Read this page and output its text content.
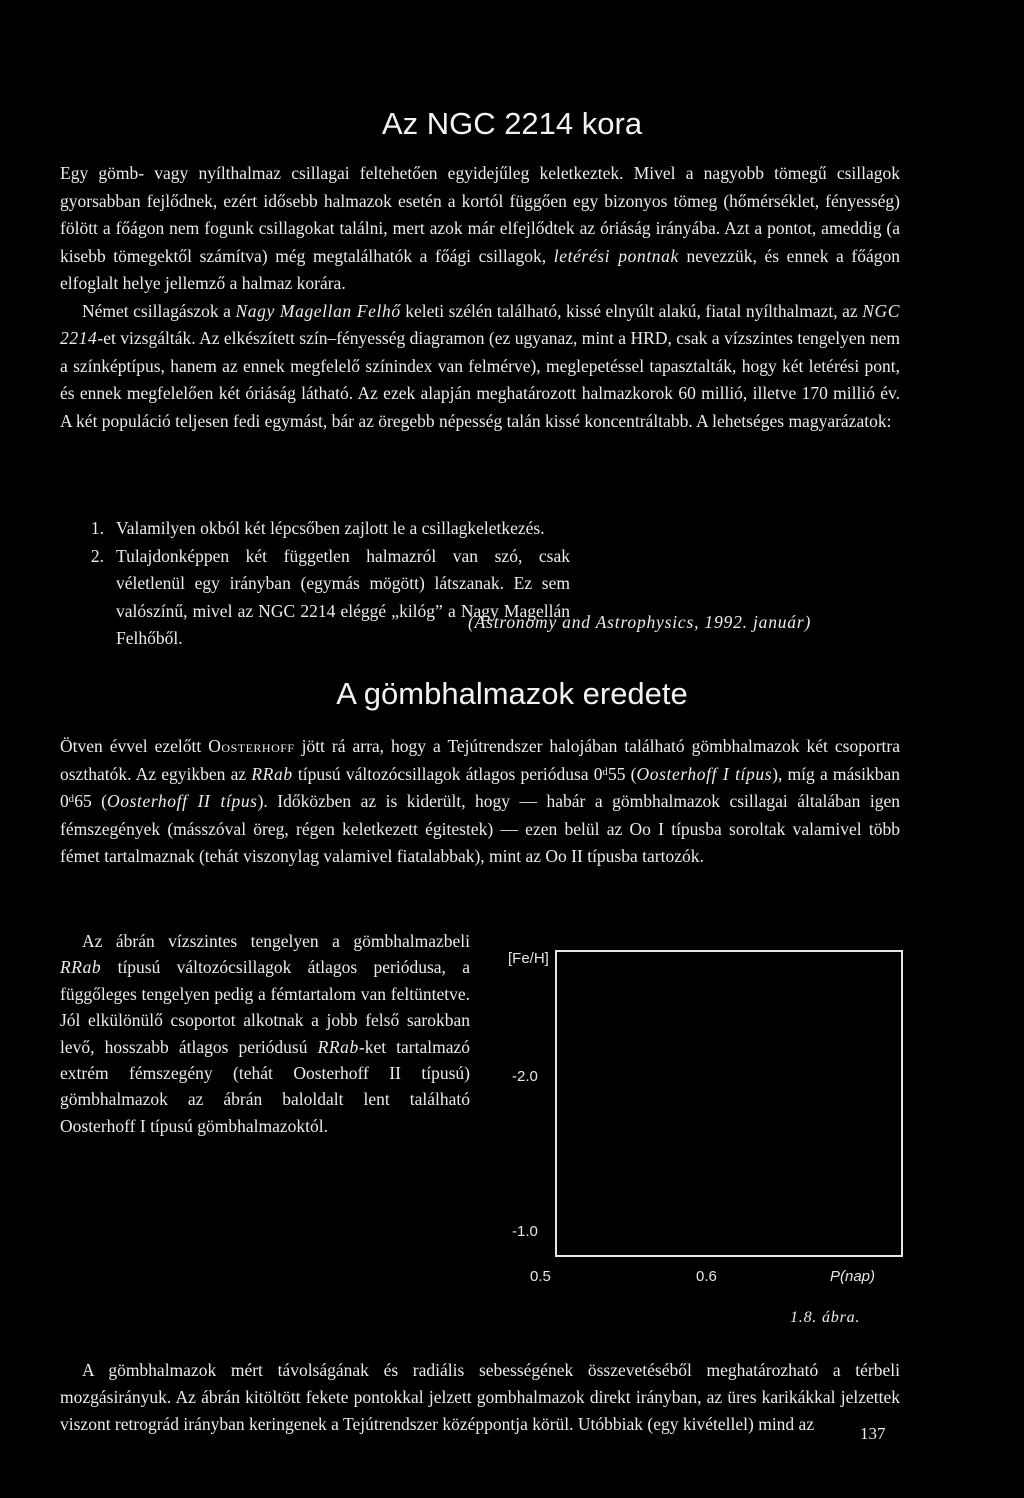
Az NGC 2214 kora

Egy gömb- vagy nyílthalmaz csillagai feltehetően egyidejűleg keletkeztek. Mivel a nagyobb tömegű csillagok gyorsabban fejlődnek, ezért idősebb halmazok esetén a kortól függően egy bizonyos tömeg (hőmérséklet, fényesség) fölött a főágon nem fogunk csillagokat találni, mert azok már elfejlődtek az óriáság irányába. Azt a pontot, ameddig (a kisebb tömegektől számítva) még megtalálhatók a főági csillagok, letérési pontnak nevezzük, és ennek a főágon elfoglalt helye jellemző a halmaz korára.

Német csillagászok a Nagy Magellan Felhő keleti szélén található, kissé elnyúlt alakú, fiatal nyílthalmazt, az NGC 2214-et vizsgálták. Az elkészített szín–fényesség diagramon (ez ugyanaz, mint a HRD, csak a vízszintes tengelyen nem a színképtípus, hanem az ennek megfelelő színindex van felmérve), meglepetéssel tapasztalták, hogy két letérési pont, és ennek megfelelően két óriáság látható. Az ezek alapján meghatározott halmazkorok 60 millió, illetve 170 millió év. A két populáció teljesen fedi egymást, bár az öregebb népesség talán kissé koncentráltabb. A lehetséges magyarázatok:

1. Valamilyen okból két lépcsőben zajlott le a csillagkeletkezés.
2. Tulajdonképpen két független halmazról van szó, csak véletlenül egy irányban (egymás mögött) látszanak. Ez sem valószínű, mivel az NGC 2214 eléggé „kilóg” a Nagy Magellán Felhőből.
(Astronomy and Astrophysics, 1992. január)
A gömbhalmazok eredete

Ötven évvel ezelőtt Oosterhoff jött rá arra, hogy a Tejútrendszer halojában található gömbhalmazok két csoportra oszthatók. Az egyikben az RRab típusú változócsillagok átlagos periódusa 0ᵈ55 (Oosterhoff I típus), míg a másikban 0ᵈ65 (Oosterhoff II típus). Időközben az is kiderült, hogy — habár a gömbhalmazok csillagai általában igen fémszegények (másszóval öreg, régen keletkezett égitestek) — ezen belül az Oo I típusba soroltak valamivel több fémet tartalmaznak (tehát viszonylag valamivel fiatalabbak), mint az Oo II típusba tartozók.

Az ábrán vízszintes tengelyen a gömbhalmazbeli RRab típusú változócsillagok átlagos periódusa, a függőleges tengelyen pedig a fémtartalom van feltüntetve. Jól elkülönülő csoportot alkotnak a jobb felső sarokban levő, hosszabb átlagos periódusú RRab-ket tartalmazó extrém fémszegény (tehát Oosterhoff II típusú) gömbhalmazok az ábrán baloldalt lent található Oosterhoff I típusú gömbhalmazoktól.

A gömbhalmazok mért távolságának és radiális sebességének összevetéséből meghatározható a térbeli mozgásirányuk. Az ábrán kitöltött fekete pontokkal jelzett gombhalmazok direkt irányban, az üres karikákkal jelzettek viszont retrográd irányban keringenek a Tejútrendszer középpontja körül. Utóbbiak (egy kivétellel) mind az
[Fe/H]
-2.0
-1.0
0.5	0.6	P(nap)
1.8. ábra.
137
